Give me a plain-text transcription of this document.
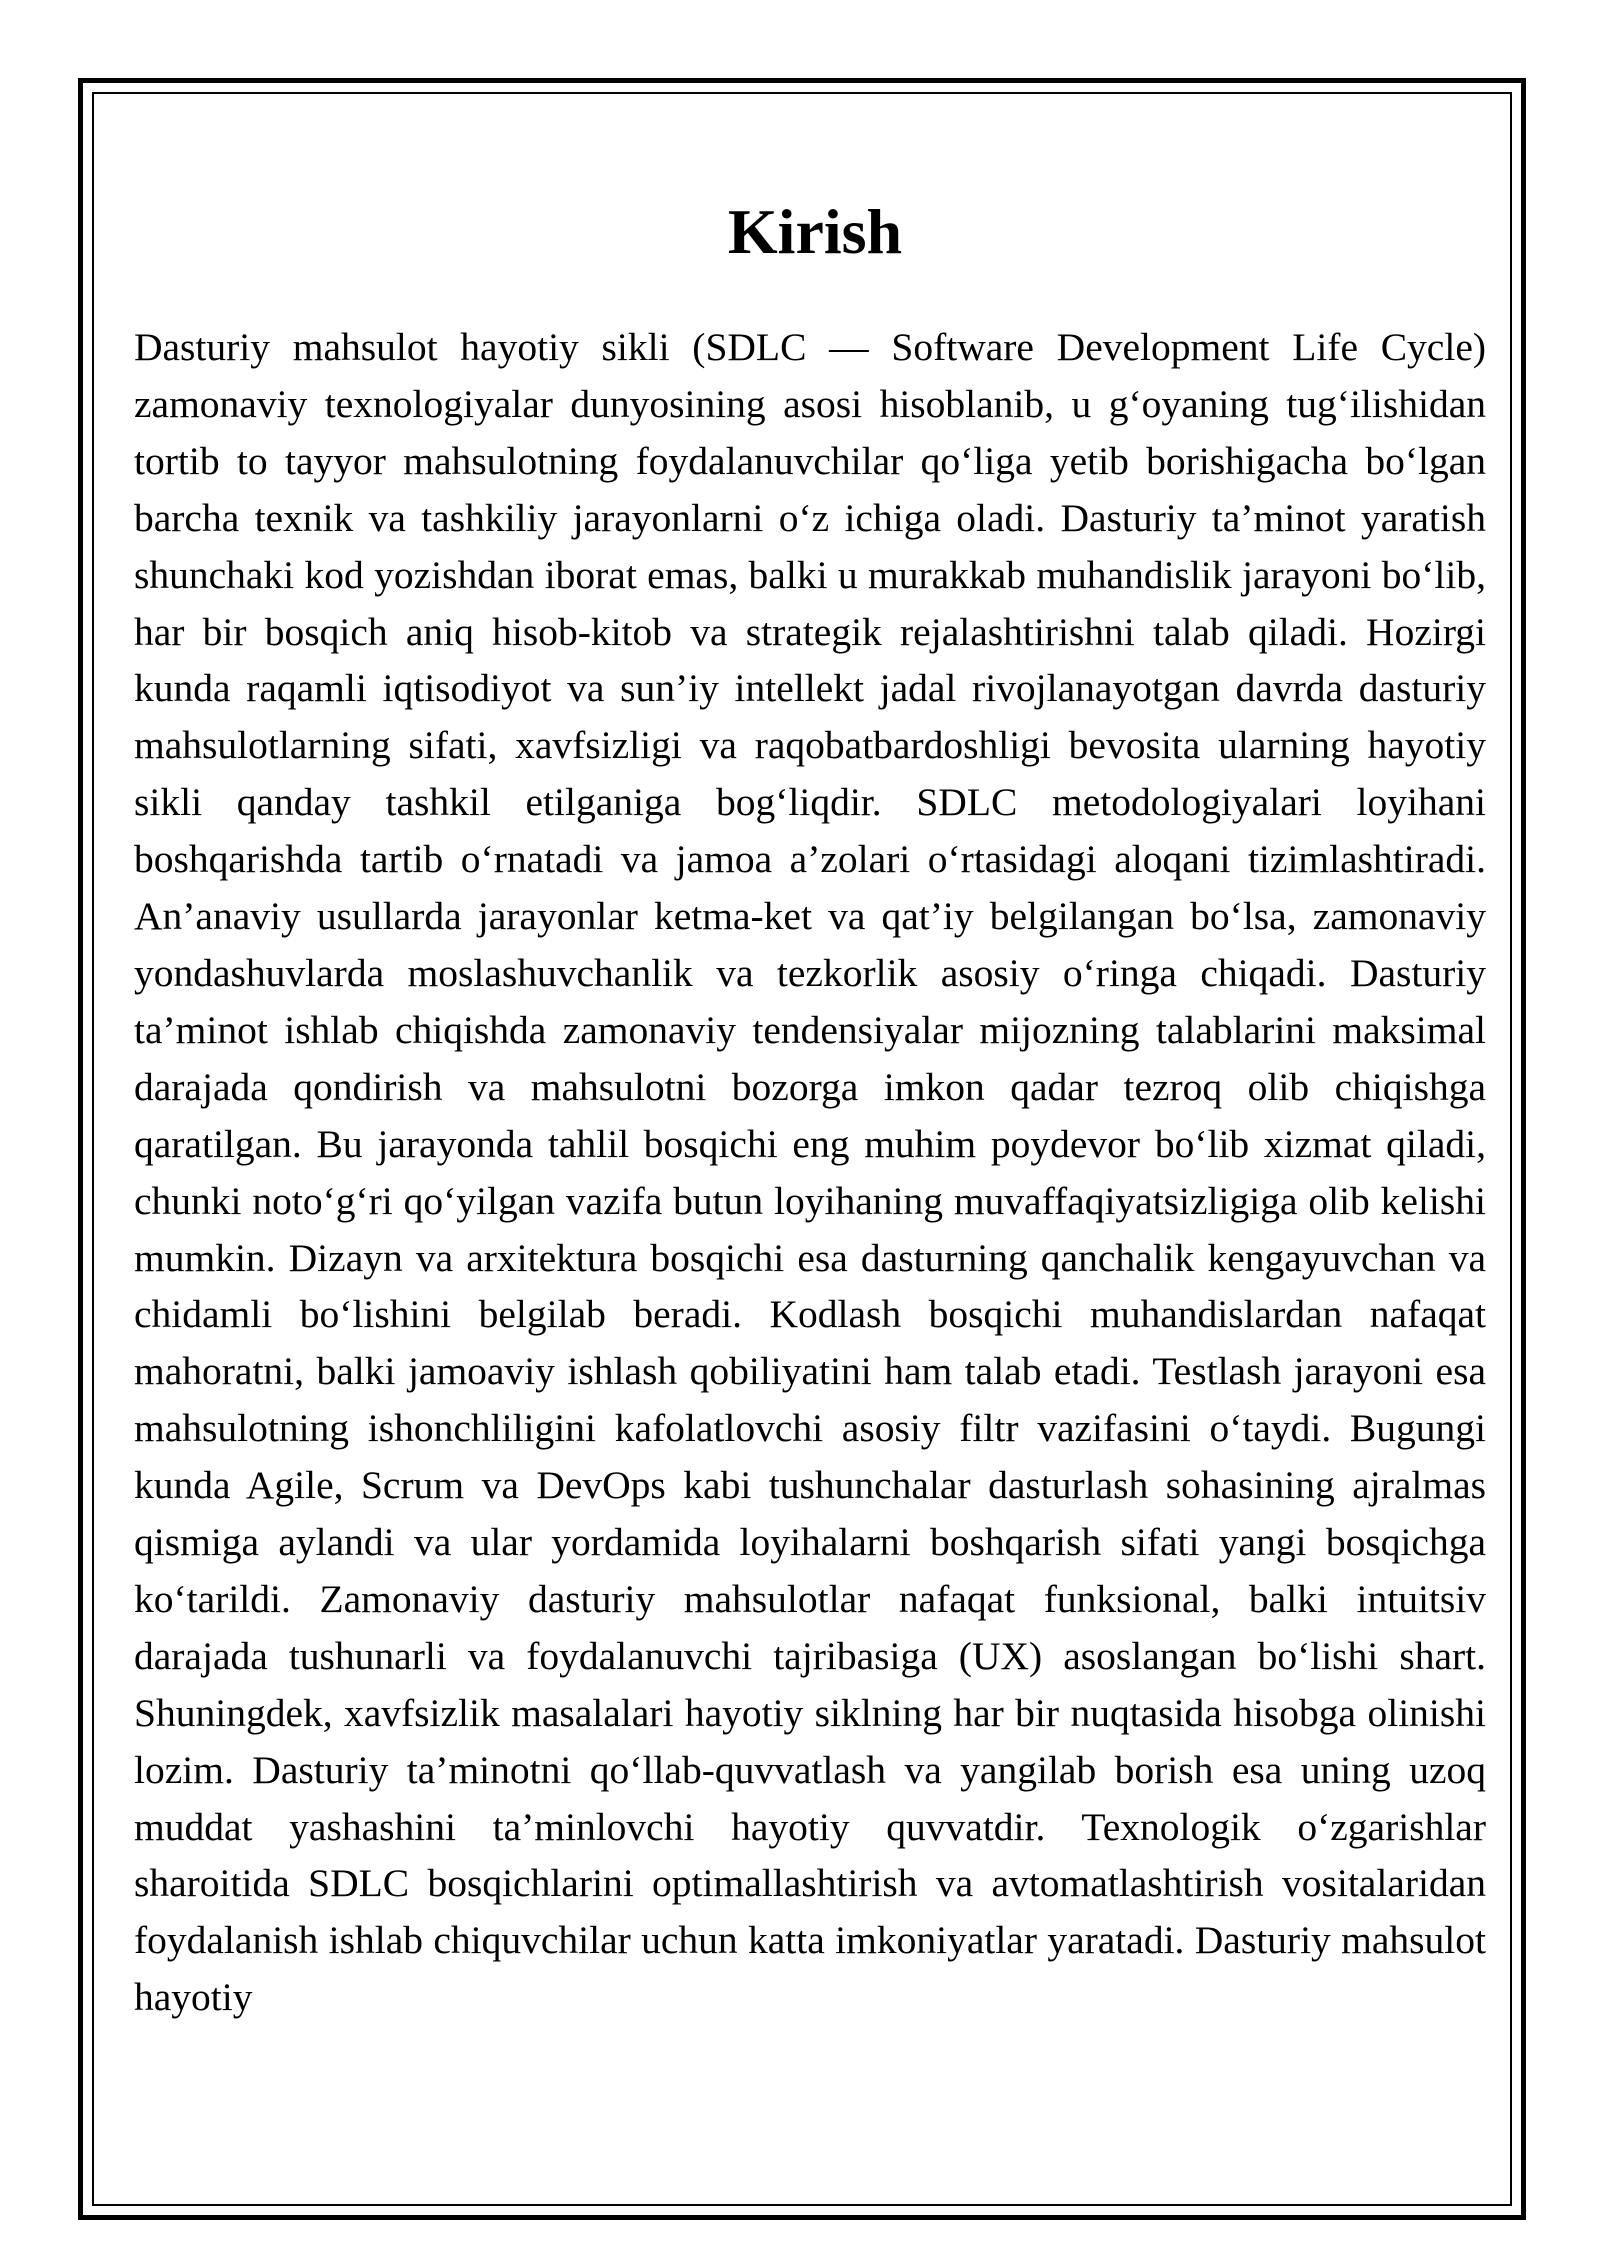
Kirish

Dasturiy mahsulot hayotiy sikli (SDLC — Software Development Life Cycle) zamonaviy texnologiyalar dunyosining asosi hisoblanib, u g‘oyaning tug‘ilishidan tortib to tayyor mahsulotning foydalanuvchilar qo‘liga yetib borishigacha bo‘lgan barcha texnik va tashkiliy jarayonlarni o‘z ichiga oladi. Dasturiy ta’minot yaratish shunchaki kod yozishdan iborat emas, balki u murakkab muhandislik jarayoni bo‘lib, har bir bosqich aniq hisob-kitob va strategik rejalashtirishni talab qiladi. Hozirgi kunda raqamli iqtisodiyot va sun’iy intellekt jadal rivojlanayotgan davrda dasturiy mahsulotlarning sifati, xavfsizligi va raqobatbardoshligi bevosita ularning hayotiy sikli qanday tashkil etilganiga bog‘liqdir. SDLC metodologiyalari loyihani boshqarishda tartib o‘rnatadi va jamoa a’zolari o‘rtasidagi aloqani tizimlashtiradi. An’anaviy usullarda jarayonlar ketma-ket va qat’iy belgilangan bo‘lsa, zamonaviy yondashuvlarda moslashuvchanlik va tezkorlik asosiy o‘ringa chiqadi. Dasturiy ta’minot ishlab chiqishda zamonaviy tendensiyalar mijozning talablarini maksimal darajada qondirish va mahsulotni bozorga imkon qadar tezroq olib chiqishga qaratilgan. Bu jarayonda tahlil bosqichi eng muhim poydevor bo‘lib xizmat qiladi, chunki noto‘g‘ri qo‘yilgan vazifa butun loyihaning muvaffaqiyatsizligiga olib kelishi mumkin. Dizayn va arxitektura bosqichi esa dasturning qanchalik kengayuvchan va chidamli bo‘lishini belgilab beradi. Kodlash bosqichi muhandislardan nafaqat mahoratni, balki jamoaviy ishlash qobiliyatini ham talab etadi. Testlash jarayoni esa mahsulotning ishonchliligini kafolatlovchi asosiy filtr vazifasini o‘taydi. Bugungi kunda Agile, Scrum va DevOps kabi tushunchalar dasturlash sohasining ajralmas qismiga aylandi va ular yordamida loyihalarni boshqarish sifati yangi bosqichga ko‘tarildi. Zamonaviy dasturiy mahsulotlar nafaqat funksional, balki intuitsiv darajada tushunarli va foydalanuvchi tajribasiga (UX) asoslangan bo‘lishi shart. Shuningdek, xavfsizlik masalalari hayotiy siklning har bir nuqtasida hisobga olinishi lozim. Dasturiy ta’minotni qo‘llab-quvvatlash va yangilab borish esa uning uzoq muddat yashashini ta’minlovchi hayotiy quvvatdir. Texnologik o‘zgarishlar sharoitida SDLC bosqichlarini optimallashtirish va avtomatlashtirish vositalaridan foydalanish ishlab chiquvchilar uchun katta imkoniyatlar yaratadi. Dasturiy mahsulot hayotiy
